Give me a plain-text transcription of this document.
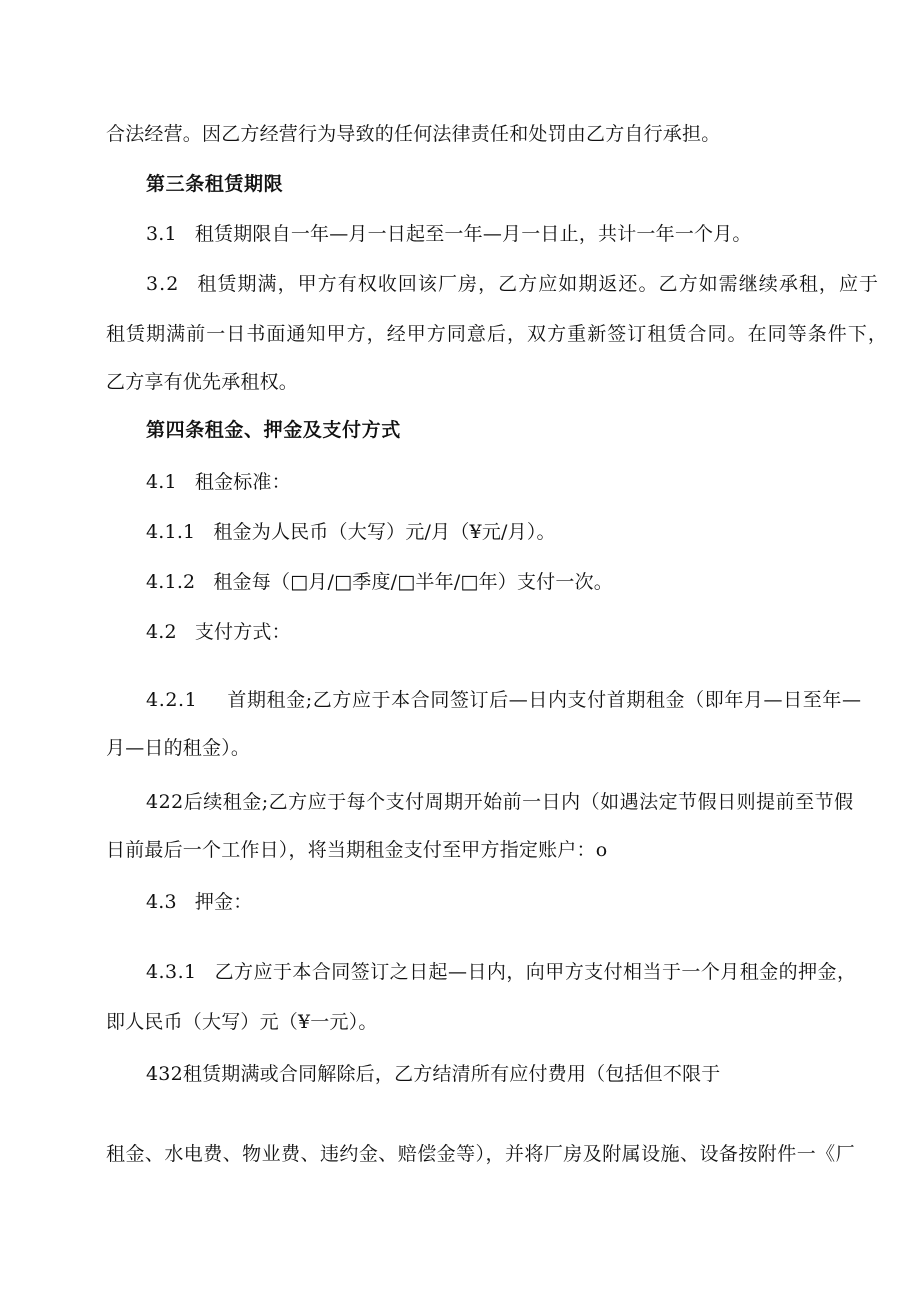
合法经营。因乙方经营行为导致的任何法律责任和处罚由乙方自行承担。
第三条租赁期限
3.1 租赁期限自一年—月一日起至一年—月一日止，共计一年一个月。
3.2 租赁期满，甲方有权收回该厂房，乙方应如期返还。乙方如需继续承租，应于
租赁期满前一日书面通知甲方，经甲方同意后，双方重新签订租赁合同。在同等条件下，
乙方享有优先承租权。
第四条租金、押金及支付方式
4.1 租金标准：
4.1.1 租金为人民币（大写）元/月（¥元/月）。
4.1.2 租金每（□月/□季度/□半年/□年）支付一次。
4.2 支付方式：
4.2.1 首期租金;乙方应于本合同签订后—日内支付首期租金（即年月—日至年—
月—日的租金）。
422后续租金;乙方应于每个支付周期开始前一日内（如遇法定节假日则提前至节假
日前最后一个工作日），将当期租金支付至甲方指定账户：o
4.3 押金：
4.3.1 乙方应于本合同签订之日起—日内，向甲方支付相当于一个月租金的押金，
即人民币（大写）元（¥一元）。
432租赁期满或合同解除后，乙方结清所有应付费用（包括但不限于
租金、水电费、物业费、违约金、赔偿金等），并将厂房及附属设施、设备按附件一《厂
